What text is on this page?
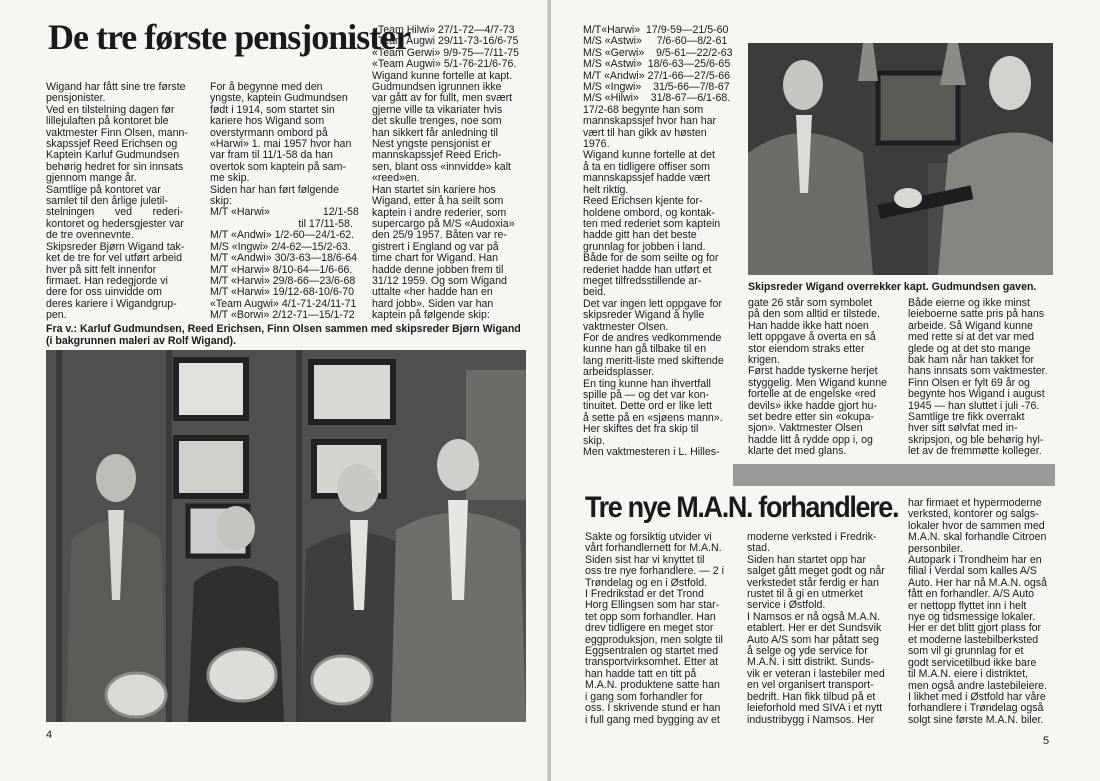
De tre første pensjonister

Wigand har fått sine tre første

pensjonister.

Ved en tilstelning dagen før

lillejulaften på kontoret ble

vaktmester Finn Olsen, mann-

skapssjef Reed Erichsen og

Kaptein Karluf Gudmundsen

behørig hedret for sin innsats

gjennom mange år.

Samtlige på kontoret var

samlet til den årlige juletil-

stelningen       ved       rederi-

kontoret og hedersgjester var

de tre ovennevnte.

Skipsreder Bjørn Wigand tak-

ket de tre for vel utført arbeid

hver på sitt felt innenfor

firmaet. Han redegjorde vi

dere for oss uinvidde om

deres kariere i Wigandgrup-

pen.

For å begynne med den

yngste, kaptein Gudmundsen

født i 1914, som startet sin

kariere hos Wigand som

overstyrmann ombord på

«Harwi» 1. mai 1957 hvor han

var fram til 11/1-58 da han

overtok som kaptein på sam-

me skip.

Siden har han ført følgende

skip:

M/T «Harwi»                  12/1-58

til 17/11-58.

M/T «Andwi» 1/2-60—24/1-62.

M/S «Ingwi» 2/4-62—15/2-63.

M/T «Andwi» 30/3-63—18/6-64

M/T «Harwi» 8/10-64—1/6-66.

M/T «Harwi» 29/8-66—23/6-68

M/T «Harwi» 19/12-68-10/6-70

«Team Augwi» 4/1-71-24/11-71

M/T «Borwi» 2/12-71—15/1-72

«Team Hilwi» 27/1-72—4/7-73

«Team Augwi 29/11-73-16/6-75

«Team Gerwi» 9/9-75—7/11-75

«Team Augwi» 5/1-76-21/6-76.

Wigand kunne fortelle at kapt.

Gudmundsen igrunnen ikke

var gått av for fullt, men svært

gjerne ville ta vikariater hvis

det skulle trenges, noe som

han sikkert får anledning til

Nest yngste pensjonist er

mannskapssjef Reed Erich-

sen, blant oss «innvidde» kalt

«reed»en.

Han startet sin kariere hos

Wigand, etter å ha seilt som

kaptein i andre rederier, som

supercargo på M/S «Audoxia»

den 25/9 1957. Båten var re-

gistrert i England og var på

time chart for Wigand. Han

hadde denne jobben frem til

31/12 1959. Og som Wigand

uttalte «her hadde han en

hard jobb». Siden var han

kaptein på følgende skip:

Fra v.: Karluf Gudmundsen, Reed Erichsen, Finn Olsen sammen med skipsreder Bjørn Wigand (i bakgrunnen maleri av Rolf Wigand).
4

M/T«Harwi»  17/9-59—21/5-60

M/S «Astwi»     7/6-60—8/2-61

M/S «Gerwi»    9/5-61—22/2-63

M/S «Astwi»  18/6-63—25/6-65

M/T «Andwi» 27/1-66—27/5-66

M/S «Ingwi»    31/5-66—7/8-67

M/S «Hilwi»    31/8-67—6/1-68.

17/2-68 begynte han som

mannskapssjef hvor han har

vært til han gikk av høsten

1976.

Wigand kunne fortelle at det

å ta en tidligere offiser som

mannskapssjef hadde vært

helt riktig.

Reed Erichsen kjente for-

holdene ombord, og kontak-

ten med rederiet som kaptein

hadde gitt han det beste

grunnlag for jobben i land.

Både for de som seilte og for

rederiet hadde han utført et

meget tilfredsstillende ar-

beid.

Det var ingen lett oppgave for

skipsreder Wigand å hylle

vaktmester Olsen.

For de andres vedkommende

kunne han gå tilbake til en

lang meritt-liste med skiftende

arbeidsplasser.

En ting kunne han ihvertfall

spille på — og det var kon-

tinuitet. Dette ord er like lett

å sette på en «sjøens mann».

Her skiftes det fra skip til

skip.

Men vaktmesteren i L. Hilles-

Skipsreder Wigand overrekker kapt. Gudmundsen gaven.

gate 26 står som symbolet

på den som alltid er tilstede.

Han hadde ikke hatt noen

lett oppgave å overta en så

stor eiendom straks etter

krigen.

Først hadde tyskerne herjet

styggelig. Men Wigand kunne

fortelle at de engelske «red

devils» ikke hadde gjort hu-

set bedre etter sin «okupa-

sjon». Vaktmester Olsen

hadde litt å rydde opp i, og

klarte det med glans.

Både eierne og ikke minst

leieboerne satte pris på hans

arbeide. Så Wigand kunne

med rette si at det var med

glede og at det sto mange

bak ham når han takket for

hans innsats som vaktmester.

Finn Olsen er fylt 69 år og

begynte hos Wigand i august

1945 — han sluttet i juli -76.

Samtlige tre fikk overrakt

hver sitt sølvfat med in-

skripsjon, og ble behørig hyl-

let av de fremmøtte kolleger.

Tre nye M.A.N. forhandlere.

Sakte og forsiktig utvider vi

vårt forhandlernett for M.A.N.

Siden sist har vi knyttet til

oss tre nye forhandlere. — 2 i

Trøndelag og en i Østfold.

I Fredrikstad er det Trond

Horg Ellingsen som har star-

tet opp som forhandler. Han

drev tidligere en meget stor

eggproduksjon, men solgte til

Eggsentralen og startet med

transportvirksomhet. Etter at

han hadde tatt en titt på

M.A.N. produktene satte han

i gang som forhandler for

oss. I skrivende stund er han

i full gang med bygging av et

moderne verksted i Fredrik-

stad.

Siden han startet opp har

salget gått meget godt og når

verkstedet står ferdig er han

rustet til å gi en utmerket

service i Østfold.

I Namsos er nå også M.A.N.

etablert. Her er det Sundsvik

Auto A/S som har påtatt seg

å selge og yde service for

M.A.N. i sitt distrikt. Sunds-

vik er veteran i lastebiler med

en vel organisert transport-

bedrift. Han fikk tilbud på et

leieforhold med SIVA i et nytt

industribygg i Namsos. Her

har firmaet et hypermoderne

verksted, kontorer og salgs-

lokaler hvor de sammen med

M.A.N. skal forhandle Citroen

personbiler.

Autopark i Trondheim har en

filial i Verdal som kalles A/S

Auto. Her har nå M.A.N. også

fått en forhandler. A/S Auto

er nettopp flyttet inn i helt

nye og tidsmessige lokaler.

Her er det blitt gjort plass for

et moderne lastebilberksted

som vil gi grunnlag for et

godt servicetilbud ikke bare

til M.A.N. eiere i distriktet,

men også andre lastebileiere.

I likhet med i Østfold har våre

forhandlere i Trøndelag også

solgt sine første M.A.N. biler.

5
